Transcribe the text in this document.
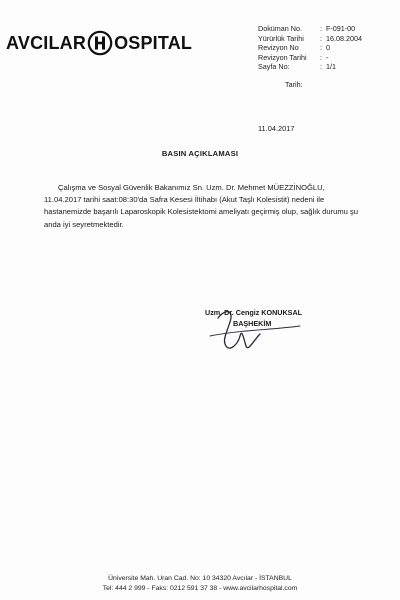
AVCILAR OSPITAL
Doküman No.	: F-091-00
Yürürlük Tarihi	: 16.08.2004
Revizyon No	: 0
Revizyon Tarihi	: -
Sayfa No:	: 1/1
Tarih:
11.04.2017
BASIN AÇIKLAMASI

Çalışma ve Sosyal Güvenlik Bakanımız Sn. Uzm. Dr. Mehmet MÜEZZİNOĞLU, 11.04.2017 tarihi saat:08:30'da Safra Kesesi İltihabı (Akut Taşlı Kolesistit) nedeni ile hastanemizde başarılı Laparoskopik Kolesistektomi ameliyatı geçirmiş olup, sağlık durumu şu anda iyi seyretmektedir.

Uzm. Dr. Cengiz KONUKSAL
BAŞHEKİM
Üniversite Mah. Uran Cad. No: 10 34320 Avcılar - İSTANBUL
Tel: 444 2 999 - Faks: 0212 591 37 38 - www.avcilarhospital.com
